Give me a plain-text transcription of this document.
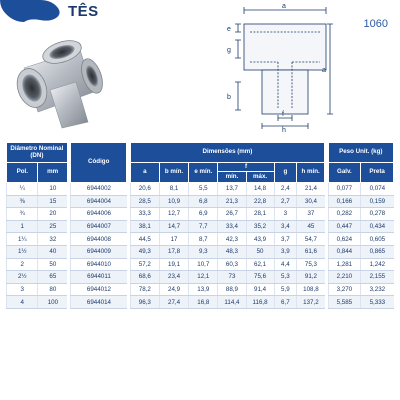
TÊS
1060
a
e
g
a
b
f
h
Diâmetro Nominal (DN)			Código		Dimensões (mm)								Peso Unit. (kg)	
Pol.	mm				a	b mín.	e mín.	f		g	h mín.		Galv.	Preta
								mín.	máx.					
¼	10		6944002		20,6	8,1	5,5	13,7	14,8	2,4	21,4		0,077	0,074
⅜	15		6944004		28,5	10,9	6,8	21,3	22,8	2,7	30,4		0,166	0,159
¾	20		6944006		33,3	12,7	6,9	26,7	28,1	3	37		0,282	0,278
1	25		6944007		38,1	14,7	7,7	33,4	35,2	3,4	45		0,447	0,434
1¼	32		6944008		44,5	17	8,7	42,3	43,9	3,7	54,7		0,624	0,605
1½	40		6944009		49,3	17,8	9,3	48,3	50	3,9	61,6		0,844	0,865
2	50		6944010		57,2	19,1	10,7	60,3	62,1	4,4	75,3		1,281	1,242
2½	65		6944011		68,6	23,4	12,1	73	75,6	5,3	91,2		2,210	2,155
3	80		6944012		78,2	24,9	13,9	88,9	91,4	5,9	108,8		3,270	3,232
4	100		6944014		96,3	27,4	16,8	114,4	116,8	6,7	137,2		5,585	5,333
